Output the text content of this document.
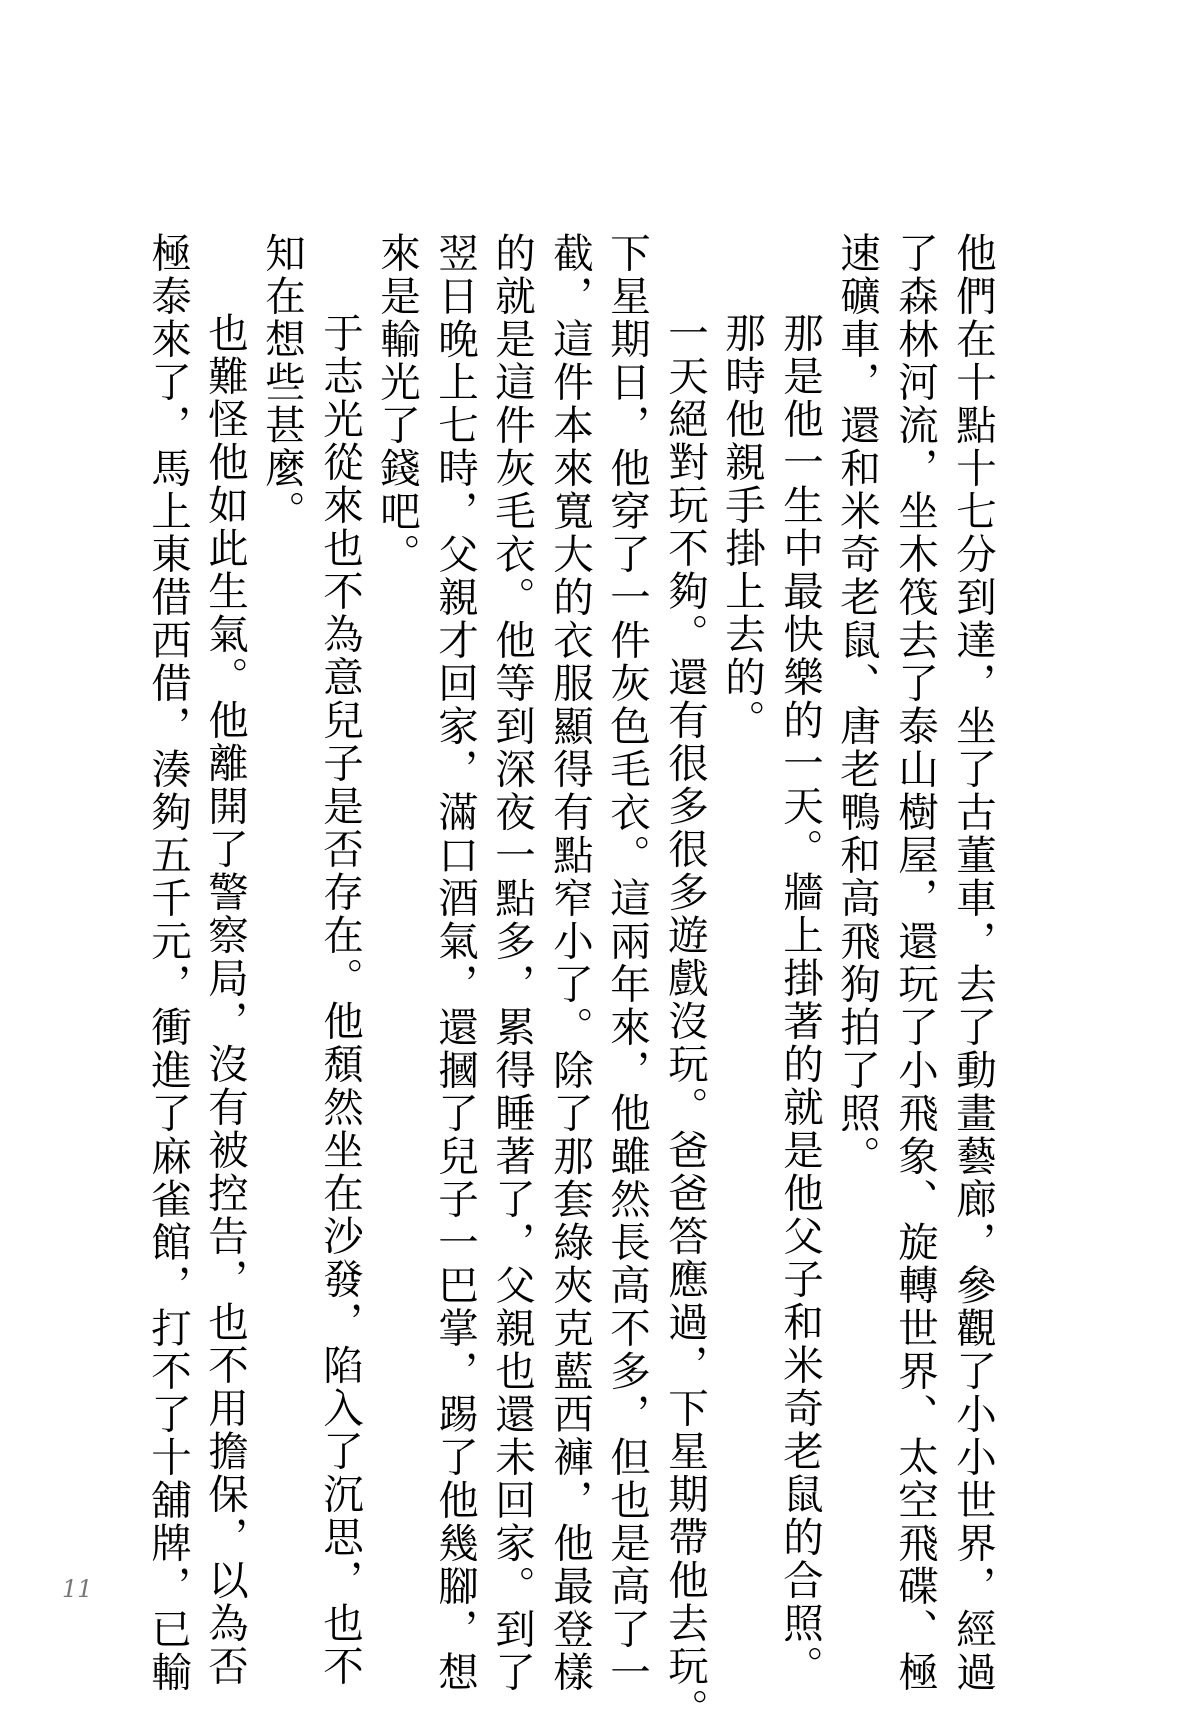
他們在十點十七分到達，坐了古董車，去了動畫藝廊，參觀了小小世界，經過
了森林河流，坐木筏去了泰山樹屋，還玩了小飛象、旋轉世界、太空飛碟、極
速礦車，還和米奇老鼠、唐老鴨和高飛狗拍了照。
那是他一生中最快樂的一天。牆上掛著的就是他父子和米奇老鼠的合照。
那時他親手掛上去的。
一天絕對玩不夠。還有很多很多遊戲沒玩。爸爸答應過，下星期帶他去玩。
下星期日，他穿了一件灰色毛衣。這兩年來，他雖然長高不多，但也是高了一
截，這件本來寬大的衣服顯得有點窄小了。除了那套綠夾克藍西褲，他最登樣
的就是這件灰毛衣。他等到深夜一點多，累得睡著了，父親也還未回家。到了
翌日晚上七時，父親才回家，滿口酒氣，還摑了兒子一巴掌，踢了他幾腳，想
來是輸光了錢吧。
于志光從來也不為意兒子是否存在。他頹然坐在沙發，陷入了沉思，也不
知在想些甚麼。
也難怪他如此生氣。他離開了警察局，沒有被控告，也不用擔保，以為否
極泰來了，馬上東借西借，湊夠五千元，衝進了麻雀館，打不了十舖牌，已輸
11
